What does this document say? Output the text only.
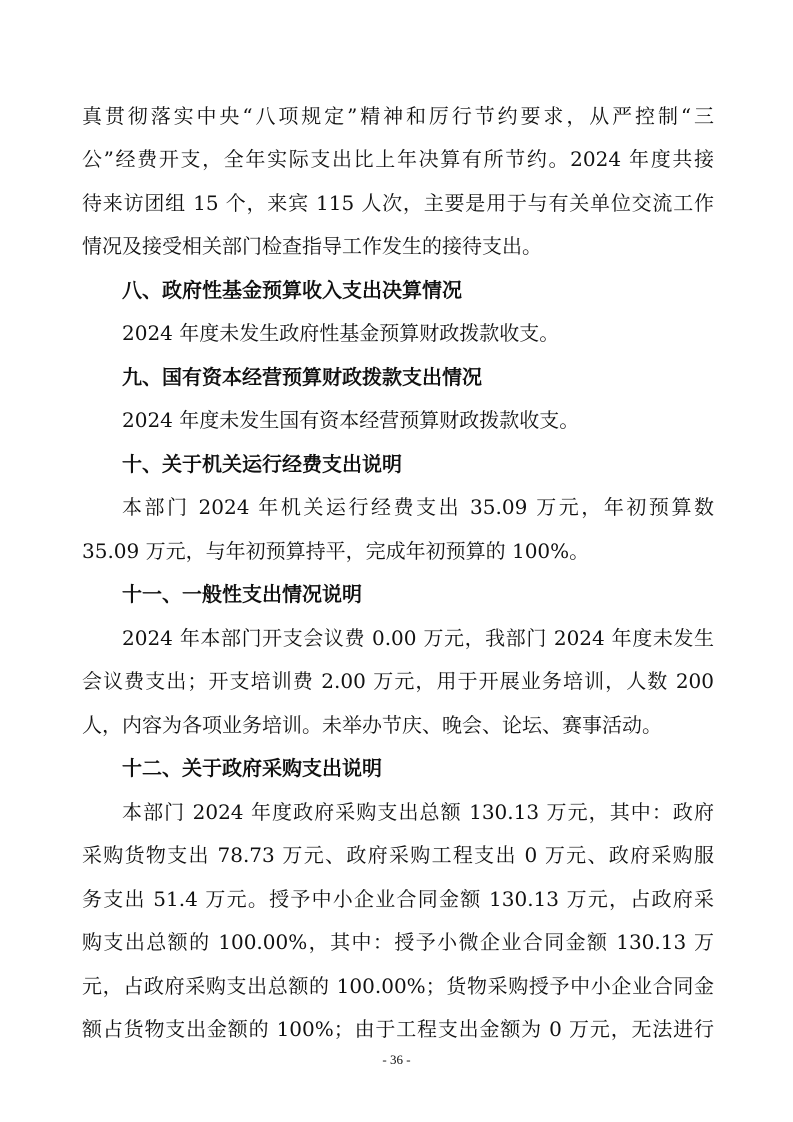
真贯彻落实中央“八项规定”精神和厉行节约要求，从严控制“三
公”经费开支，全年实际支出比上年决算有所节约。2024 年度共接
待来访团组 15 个，来宾 115 人次，主要是用于与有关单位交流工作
情况及接受相关部门检查指导工作发生的接待支出。
八、政府性基金预算收入支出决算情况
2024 年度未发生政府性基金预算财政拨款收支。
九、国有资本经营预算财政拨款支出情况
2024 年度未发生国有资本经营预算财政拨款收支。
十、关于机关运行经费支出说明
本部门 2024 年机关运行经费支出 35.09 万元，年初预算数
35.09 万元，与年初预算持平，完成年初预算的 100%。
十一、一般性支出情况说明
2024 年本部门开支会议费 0.00 万元，我部门 2024 年度未发生
会议费支出；开支培训费 2.00 万元，用于开展业务培训，人数 200
人，内容为各项业务培训。未举办节庆、晚会、论坛、赛事活动。
十二、关于政府采购支出说明
本部门 2024 年度政府采购支出总额 130.13 万元，其中：政府
采购货物支出 78.73 万元、政府采购工程支出 0 万元、政府采购服
务支出 51.4 万元。授予中小企业合同金额 130.13 万元，占政府采
购支出总额的 100.00%，其中：授予小微企业合同金额 130.13 万
元，占政府采购支出总额的 100.00%；货物采购授予中小企业合同金
额占货物支出金额的 100%；由于工程支出金额为 0 万元，无法进行
- 36 -
